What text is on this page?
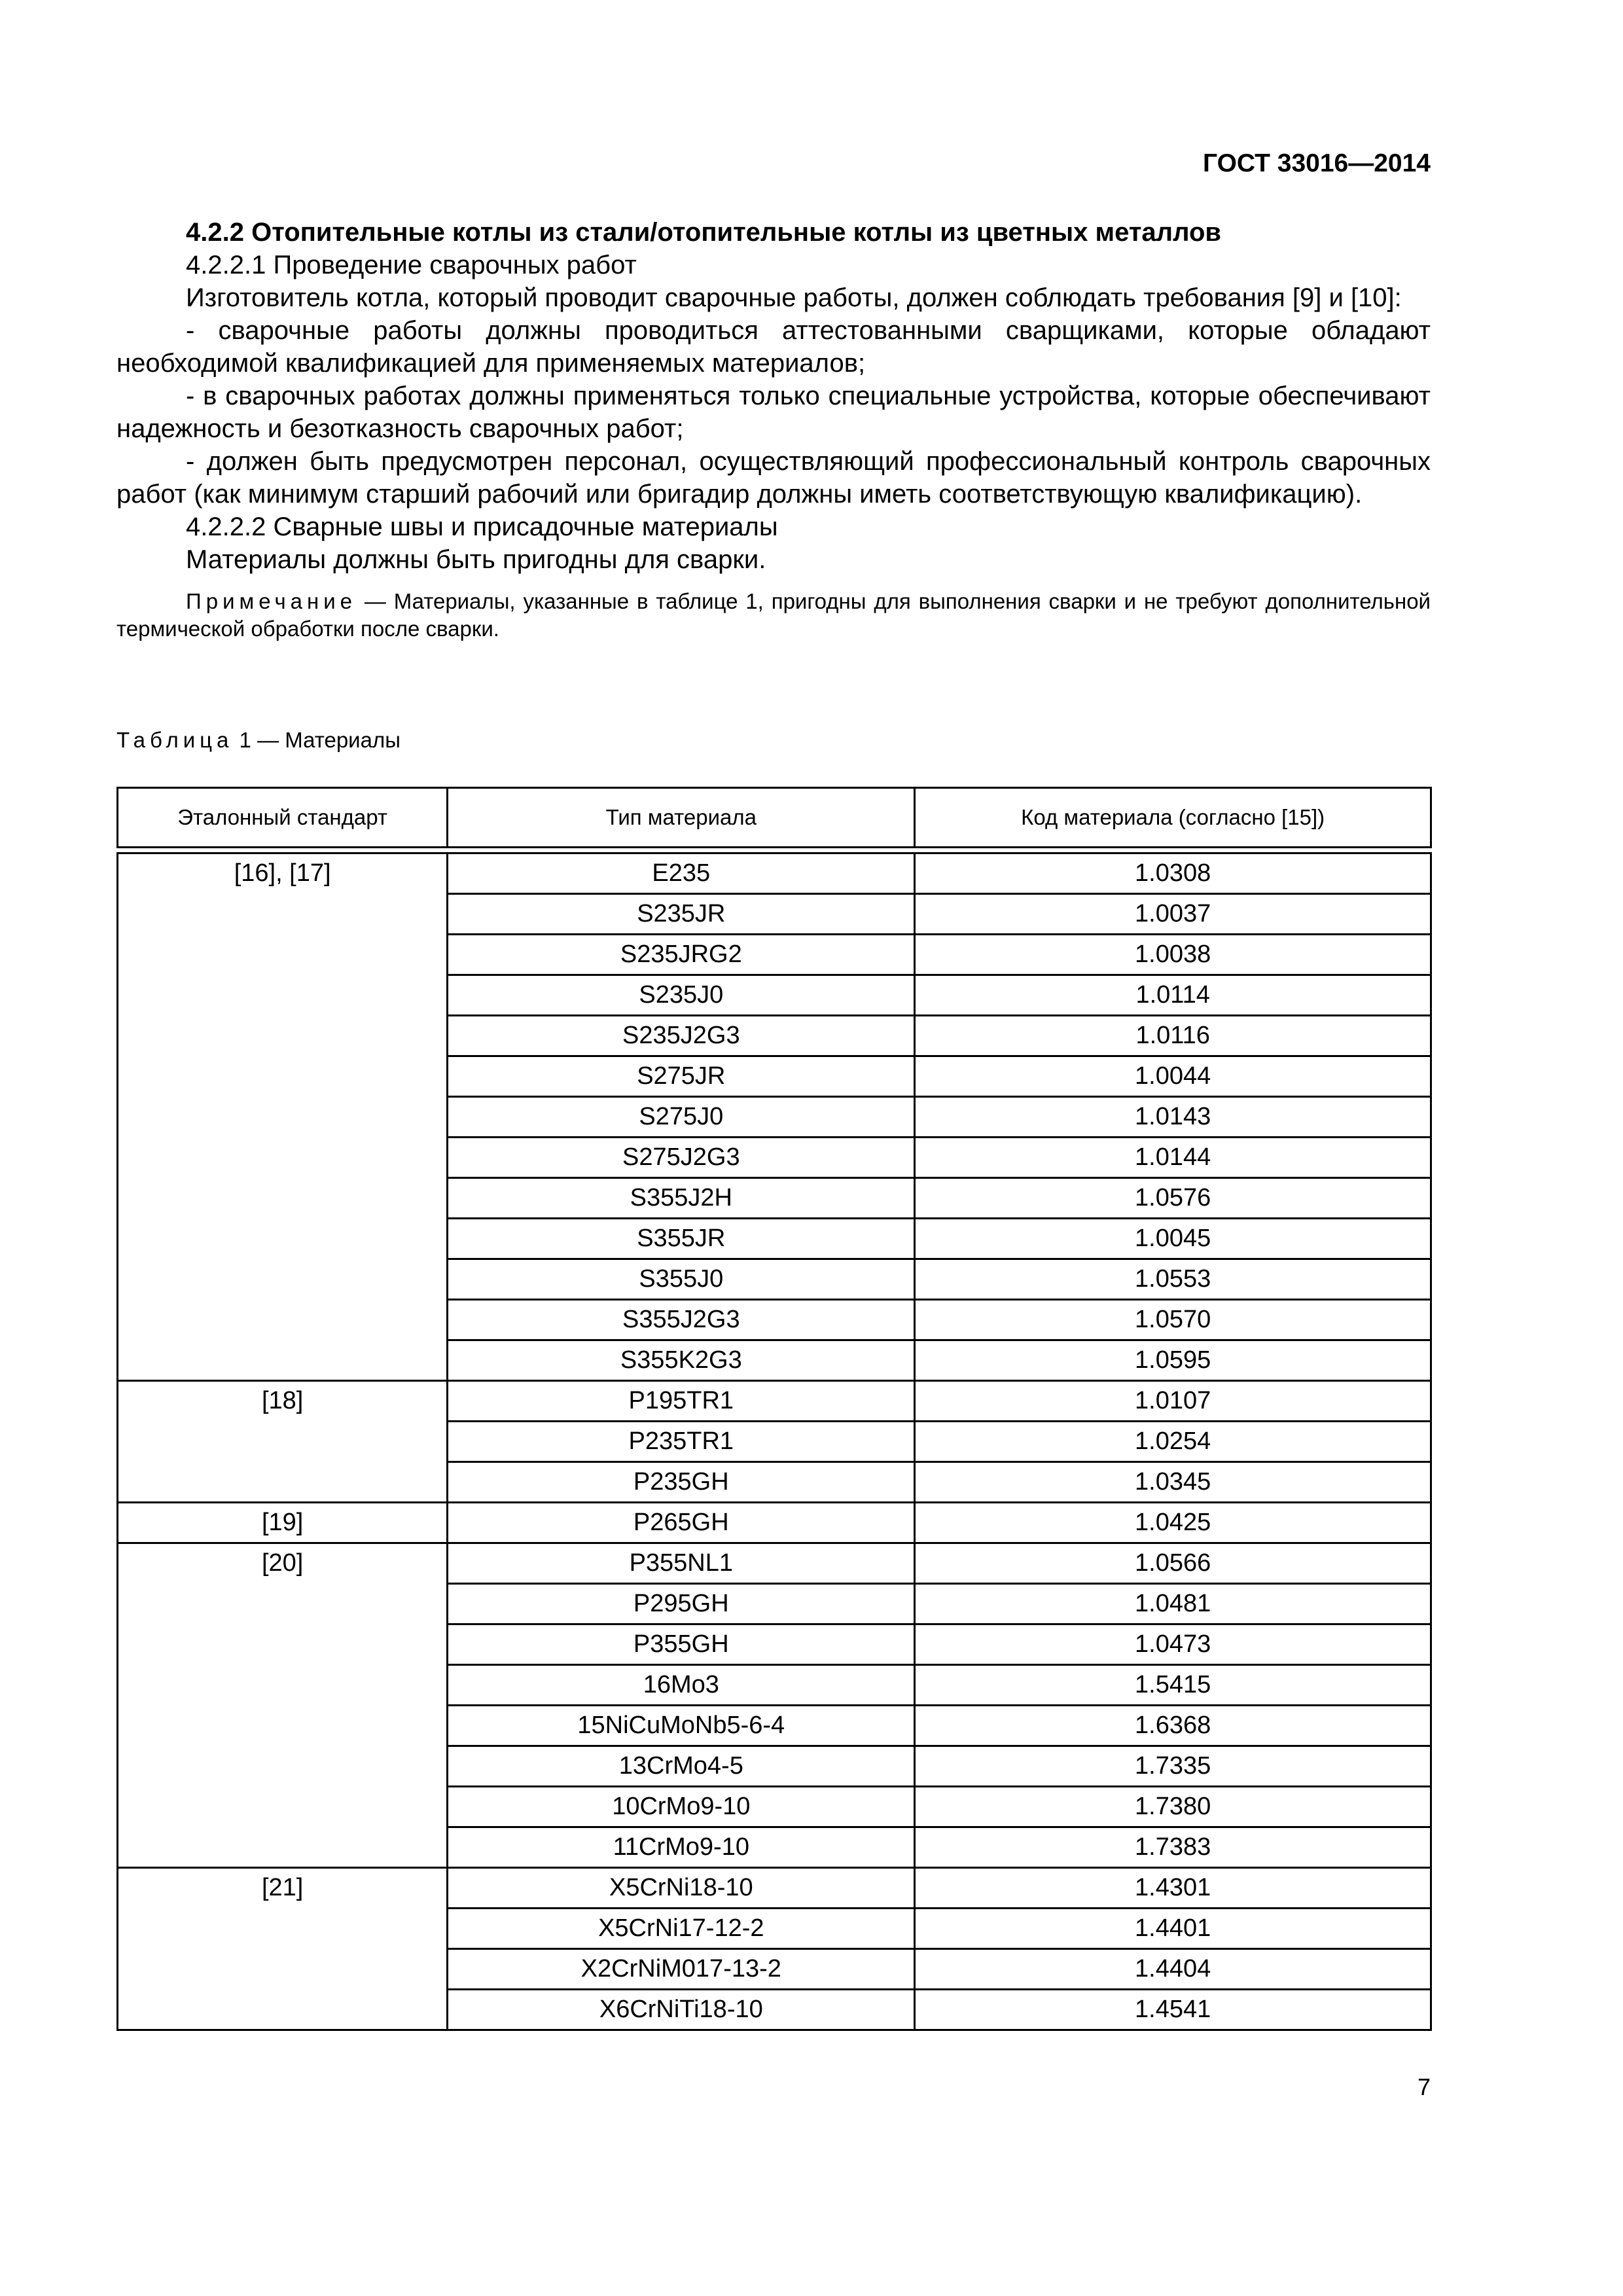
ГОСТ 33016—2014

4.2.2 Отопительные котлы из стали/отопительные котлы из цветных металлов

4.2.2.1 Проведение сварочных работ

Изготовитель котла, который проводит сварочные работы, должен соблюдать требования [9] и [10]:

- сварочные работы должны проводиться аттестованными сварщиками, которые обладают необходимой квалификацией для применяемых материалов;

- в сварочных работах должны применяться только специальные устройства, которые обеспечивают надежность и безотказность сварочных работ;

- должен быть предусмотрен персонал, осуществляющий профессиональный контроль сварочных работ (как минимум старший рабочий или бригадир должны иметь соответствующую квалификацию).

4.2.2.2 Сварные швы и присадочные материалы

Материалы должны быть пригодны для сварки.

Примечание — Материалы, указанные в таблице 1, пригодны для выполнения сварки и не требуют дополнительной термической обработки после сварки.

Таблица 1 — Материалы
Эталонный стандарт	Тип материала	Код материала (согласно [15])

[16], [17]	E235	1.0308
	S235JR	1.0037
	S235JRG2	1.0038
	S235J0	1.0114
	S235J2G3	1.0116
	S275JR	1.0044
	S275J0	1.0143
	S275J2G3	1.0144
	S355J2H	1.0576
	S355JR	1.0045
	S355J0	1.0553
	S355J2G3	1.0570
	S355K2G3	1.0595
[18]	P195TR1	1.0107
	P235TR1	1.0254
	P235GH	1.0345
[19]	P265GH	1.0425
[20]	P355NL1	1.0566
	P295GH	1.0481
	P355GH	1.0473
	16Mo3	1.5415
	15NiCuMoNb5-6-4	1.6368
	13CrMo4-5	1.7335
	10CrMo9-10	1.7380
	11CrMo9-10	1.7383
[21]	X5CrNi18-10	1.4301
	X5CrNi17-12-2	1.4401
	X2CrNiM017-13-2	1.4404
	X6CrNiTi18-10	1.4541
7
